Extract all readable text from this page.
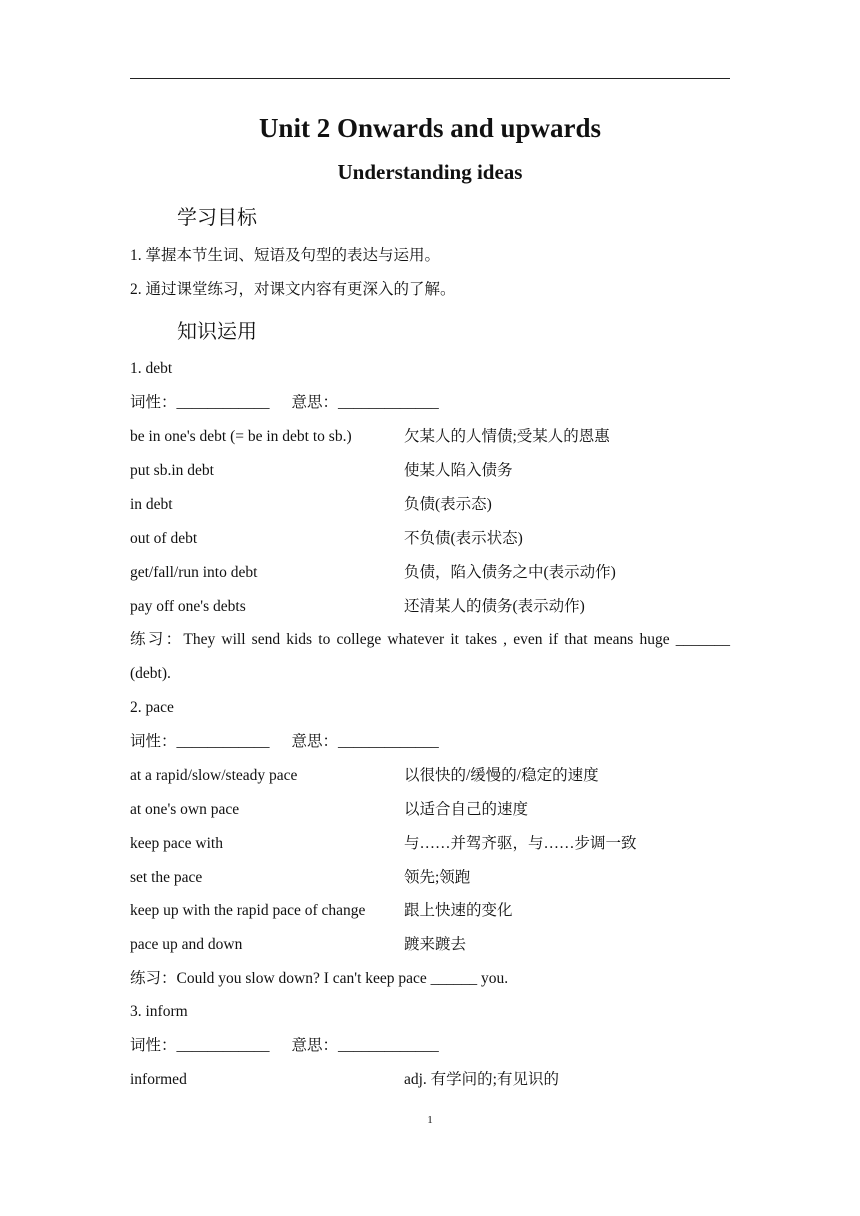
Unit 2 Onwards and upwards
Understanding ideas
学习目标
1. 掌握本节生词、短语及句型的表达与运用。
2. 通过课堂练习，对课文内容有更深入的了解。
知识运用
1. debt
词性：____________ 意思：_____________
be in one's debt (= be in debt to sb.)	欠某人的人情债;受某人的恩惠
put sb.in debt	使某人陷入债务
in debt	负债(表示态)
out of debt	不负债(表示状态)
get/fall/run into debt	负债，陷入债务之中(表示动作)
pay off one's debts	还清某人的债务(表示动作)
练习：They will send kids to college whatever it takes , even if that means huge _______ (debt).
2. pace
词性：____________ 意思：_____________
at a rapid/slow/steady pace	以很快的/缓慢的/稳定的速度
at one's own pace	以适合自己的速度
keep pace with	与……并驾齐驱，与……步调一致
set the pace	领先;领跑
keep up with the rapid pace of change 跟上快速的变化
pace up and down	踱来踱去
练习：Could you slow down? I can't keep pace ______ you.
3. inform
词性：____________ 意思：_____________
informed	adj. 有学问的;有见识的
1
